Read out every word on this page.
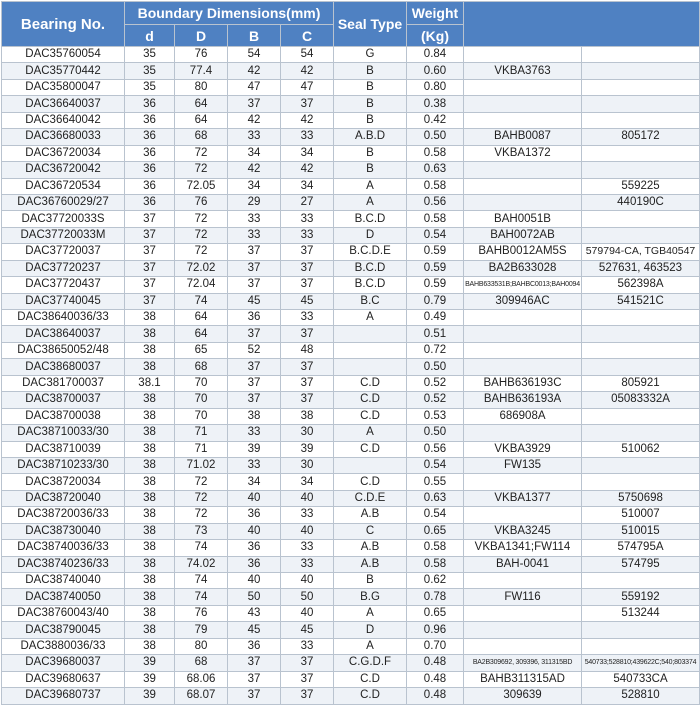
Bearing No.	Boundary Dimensions(mm)				Seal Type	Weight		
	d	D	B	C		(Kg)		
DAC35760054	35	76	54	54	G	0.84		
DAC35770442	35	77.4	42	42	B	0.60	VKBA3763	
DAC35800047	35	80	47	47	B	0.80		
DAC36640037	36	64	37	37	B	0.38		
DAC36640042	36	64	42	42	B	0.42		
DAC36680033	36	68	33	33	A.B.D	0.50	BAHB0087	805172
DAC36720034	36	72	34	34	B	0.58	VKBA1372	
DAC36720042	36	72	42	42	B	0.63		
DAC36720534	36	72.05	34	34	A	0.58		559225
DAC36760029/27	36	76	29	27	A	0.56		440190C
DAC37720033S	37	72	33	33	B.C.D	0.58	BAH0051B	
DAC37720033M	37	72	33	33	D	0.54	BAH0072AB	
DAC37720037	37	72	37	37	B.C.D.E	0.59	BAHB0012AM5S	579794-CA, TGB40547
DAC37720237	37	72.02	37	37	B.C.D	0.59	BA2B633028	527631, 463523
DAC37720437	37	72.04	37	37	B.C.D	0.59	BAHB633531B;BAHBC0013;BAH0094	562398A
DAC37740045	37	74	45	45	B.C	0.79	309946AC	541521C
DAC38640036/33	38	64	36	33	A	0.49		
DAC38640037	38	64	37	37		0.51		
DAC38650052/48	38	65	52	48		0.72		
DAC38680037	38	68	37	37		0.50		
DAC381700037	38.1	70	37	37	C.D	0.52	BAHB636193C	805921
DAC38700037	38	70	37	37	C.D	0.52	BAHB636193A	05083332A
DAC38700038	38	70	38	38	C.D	0.53	686908A	
DAC38710033/30	38	71	33	30	A	0.50		
DAC38710039	38	71	39	39	C.D	0.56	VKBA3929	510062
DAC38710233/30	38	71.02	33	30		0.54	FW135	
DAC38720034	38	72	34	34	C.D	0.55		
DAC38720040	38	72	40	40	C.D.E	0.63	VKBA1377	5750698
DAC38720036/33	38	72	36	33	A.B	0.54		510007
DAC38730040	38	73	40	40	C	0.65	VKBA3245	510015
DAC38740036/33	38	74	36	33	A.B	0.58	VKBA1341;FW114	574795A
DAC38740236/33	38	74.02	36	33	A.B	0.58	BAH-0041	574795
DAC38740040	38	74	40	40	B	0.62		
DAC38740050	38	74	50	50	B.G	0.78	FW116	559192
DAC38760043/40	38	76	43	40	A	0.65		513244
DAC38790045	38	79	45	45	D	0.96		
DAC3880036/33	38	80	36	33	A	0.70		
DAC39680037	39	68	37	37	C.G.D.F	0.48	BA2B309692, 309396, 311315BD	540733;528810;439622C;540;803374
DAC39680637	39	68.06	37	37	C.D	0.48	BAHB311315AD	540733CA
DAC39680737	39	68.07	37	37	C.D	0.48	309639	528810
